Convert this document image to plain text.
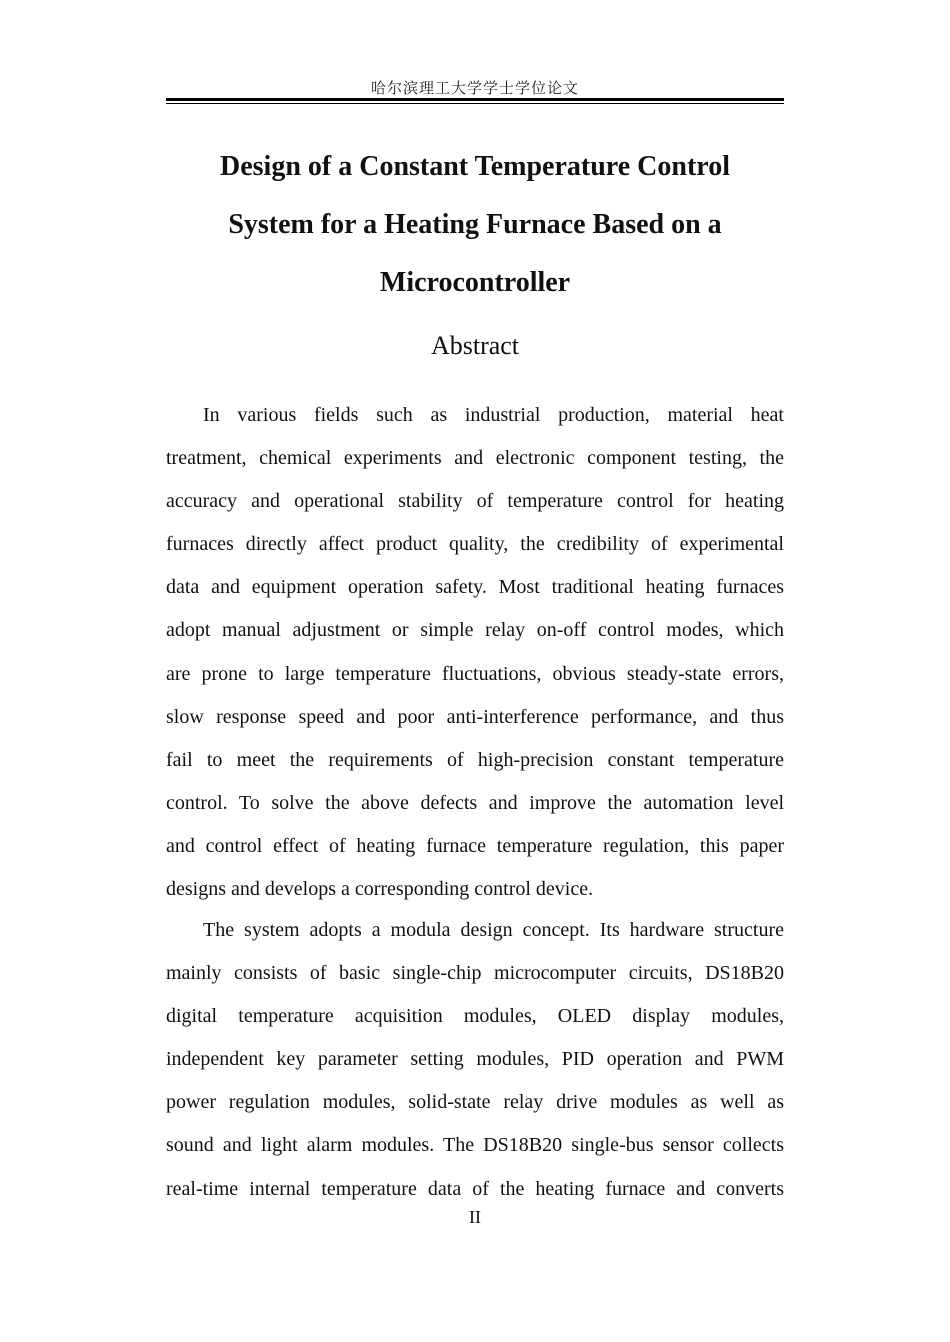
哈尔滨理工大学学士学位论文
Design of a Constant Temperature Control
System for a Heating Furnace Based on a
Microcontroller
Abstract
In various fields such as industrial production, material heat
treatment, chemical experiments and electronic component testing, the
accuracy and operational stability of temperature control for heating
furnaces directly affect product quality, the credibility of experimental
data and equipment operation safety. Most traditional heating furnaces
adopt manual adjustment or simple relay on-off control modes, which
are prone to large temperature fluctuations, obvious steady-state errors,
slow response speed and poor anti-interference performance, and thus
fail to meet the requirements of high-precision constant temperature
control. To solve the above defects and improve the automation level
and control effect of heating furnace temperature regulation, this paper
designs and develops a corresponding control device.
The system adopts a modula design concept. Its hardware structure
mainly consists of basic single-chip microcomputer circuits, DS18B20
digital temperature acquisition modules, OLED display modules,
independent key parameter setting modules, PID operation and PWM
power regulation modules, solid-state relay drive modules as well as
sound and light alarm modules. The DS18B20 single-bus sensor collects
real-time internal temperature data of the heating furnace and converts
II
